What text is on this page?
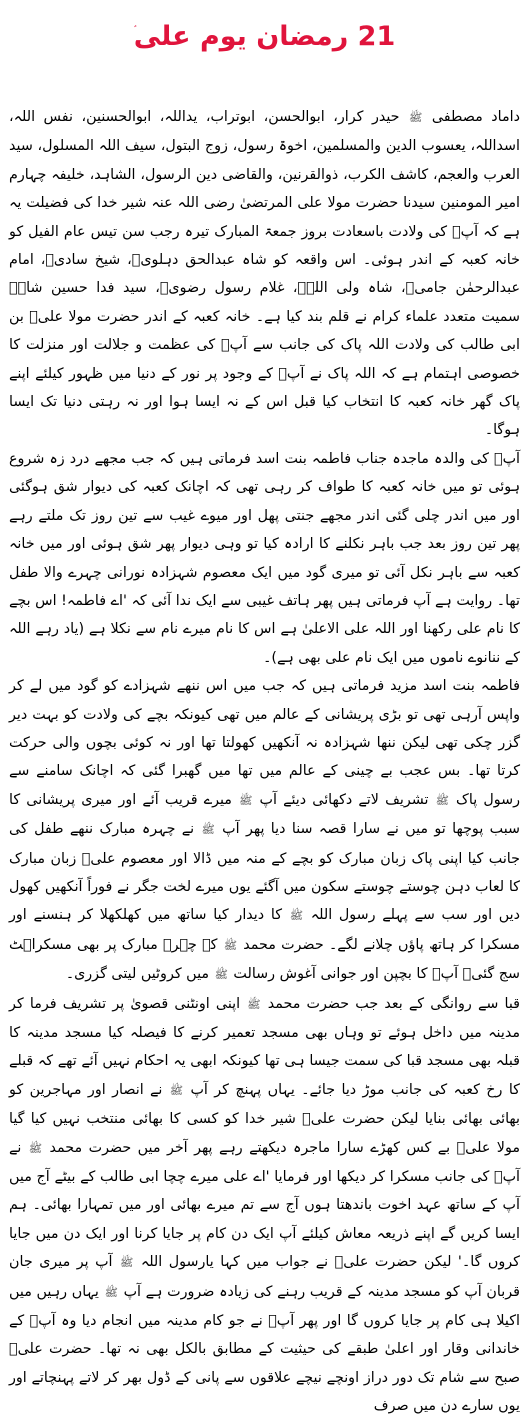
21 رمضان یوم علی

داماد مصطفی ﷺ حیدر کرار، ابوالحسن، ابوتراب، یداللہ، ابوالحسنین، نفس اللہ، اسداللہ، یعسوب الدین والمسلمین، اخوۃ رسول، زوج البتول، سیف اللہ المسلول، سید العرب والعجم، کاشف الکرب، ذوالقرنین، والقاضی دین الرسول، الشاہد، خلیفہ چہارم امیر المومنین سیدنا حضرت مولا علی المرتضیٰ رضی اللہ عنہ شیر خدا کی فضیلت یہ ہے کہ آپؑ کی ولادت باسعادت بروز جمعۃ المبارک تیرہ رجب سن تیس عام الفیل کو خانہ کعبہ کے اندر ہوئی۔ اس واقعہ کو شاہ عبدالحق دہلویؒ، شیخ سادیؒ، امام عبدالرحمٰن جامیؒ، شاہ ولی اللہؒ، غلام رسول رضویؒ، سید فدا حسین شاہؒ سمیت متعدد علماء کرام نے قلم بند کیا ہے۔ خانہ کعبہ کے اندر حضرت مولا علیؑ بن ابی طالب کی ولادت اللہ پاک کی جانب سے آپؑ کی عظمت و جلالت اور منزلت کا خصوصی اہتمام ہے کہ اللہ پاک نے آپؑ کے وجود پر نور کے دنیا میں ظہور کیلئے اپنے پاک گھر خانہ کعبہ کا انتخاب کیا قبل اس کے نہ ایسا ہوا اور نہ رہتی دنیا تک ایسا ہوگا۔

آپؑ کی والدہ ماجدہ جناب فاطمہ بنت اسد فرماتی ہیں کہ جب مجھے درد زہ شروع ہوئی تو میں خانہ کعبہ کا طواف کر رہی تھی کہ اچانک کعبہ کی دیوار شق ہوگئی اور میں اندر چلی گئی اندر مجھے جنتی پھل اور میوے غیب سے تین روز تک ملتے رہے پھر تین روز بعد جب باہر نکلنے کا ارادہ کیا تو وہی دیوار پھر شق ہوئی اور میں خانہ کعبہ سے باہر نکل آئی تو میری گود میں ایک معصوم شہزادہ نورانی چہرے والا طفل تھا۔ روایت ہے آپ فرماتی ہیں پھر ہاتف غیبی سے ایک ندا آئی کہ 'اے فاطمہ! اس بچے کا نام علی رکھنا اور اللہ علی الاعلیٰ ہے اس کا نام میرے نام سے نکلا ہے (یاد رہے اللہ کے ننانوے ناموں میں ایک نام علی بھی ہے)۔

فاطمہ بنت اسد مزید فرماتی ہیں کہ جب میں اس ننھے شہزادے کو گود میں لے کر واپس آرہی تھی تو بڑی پریشانی کے عالم میں تھی کیونکہ بچے کی ولادت کو بہت دیر گزر چکی تھی لیکن ننھا شہزادہ نہ آنکھیں کھولتا تھا اور نہ کوئی بچوں والی حرکت کرتا تھا۔ بس عجب بے چینی کے عالم میں تھا میں گھبرا گئی کہ اچانک سامنے سے رسول پاک ﷺ تشریف لاتے دکھائی دیئے آپ ﷺ میرے قریب آئے اور میری پریشانی کا سبب پوچھا تو میں نے سارا قصہ سنا دیا پھر آپ ﷺ نے چہرہ مبارک ننھے طفل کی جانب کیا اپنی پاک زبان مبارک کو بچے کے منہ میں ڈالا اور معصوم علیؑ زبان مبارک کا لعاب دہن چوستے چوستے سکون میں آگئے یوں میرے لخت جگر نے فوراً آنکھیں کھول دیں اور سب سے پہلے رسول اللہ ﷺ کا دیدار کیا ساتھ میں کھلکھلا کر ہنسنے اور مسکرا کر ہاتھ پاؤں چلانے لگے۔ حضرت محمد ﷺ کے چہرے مبارک پر بھی مسکراہٹ سج گئی۔ آپؑ کا بچپن اور جوانی آغوش رسالت ﷺ میں کروٹیں لیتی گزری۔

قبا سے روانگی کے بعد جب حضرت محمد ﷺ اپنی اونٹنی قصویٰ پر تشریف فرما کر مدینہ میں داخل ہوئے تو وہاں بھی مسجد تعمیر کرنے کا فیصلہ کیا مسجد مدینہ کا قبلہ بھی مسجد قبا کی سمت جیسا ہی تھا کیونکہ ابھی یہ احکام نہیں آئے تھے کہ قبلے کا رخ کعبہ کی جانب موڑ دیا جائے۔ یہاں پہنچ کر آپ ﷺ نے انصار اور مہاجرین کو بھائی بھائی بنایا لیکن حضرت علیؑ شیر خدا کو کسی کا بھائی منتخب نہیں کیا گیا مولا علیؑ بے کس کھڑے سارا ماجرہ دیکھتے رہے پھر آخر میں حضرت محمد ﷺ نے آپؑ کی جانب مسکرا کر دیکھا اور فرمایا 'اے علی میرے چچا ابی طالب کے بیٹے آج میں آپ کے ساتھ عہد اخوت باندھتا ہوں آج سے تم میرے بھائی اور میں تمہارا بھائی۔ ہم ایسا کریں گے اپنے ذریعہ معاش کیلئے آپ ایک دن کام پر جایا کرنا اور ایک دن میں جایا کروں گا۔' لیکن حضرت علیؑ نے جواب میں کہا یارسول اللہ ﷺ آپ پر میری جان قربان آپ کو مسجد مدینہ کے قریب رہنے کی زیادہ ضرورت ہے آپ ﷺ یہاں رہیں میں اکیلا ہی کام پر جایا کروں گا اور پھر آپؑ نے جو کام مدینہ میں انجام دیا وہ آپؑ کے خاندانی وقار اور اعلیٰ طبقے کی حیثیت کے مطابق بالکل بھی نہ تھا۔ حضرت علیؑ صبح سے شام تک دور دراز اونچے نیچے علاقوں سے پانی کے ڈول بھر کر لاتے پہنچاتے اور یوں سارے دن میں صرف
